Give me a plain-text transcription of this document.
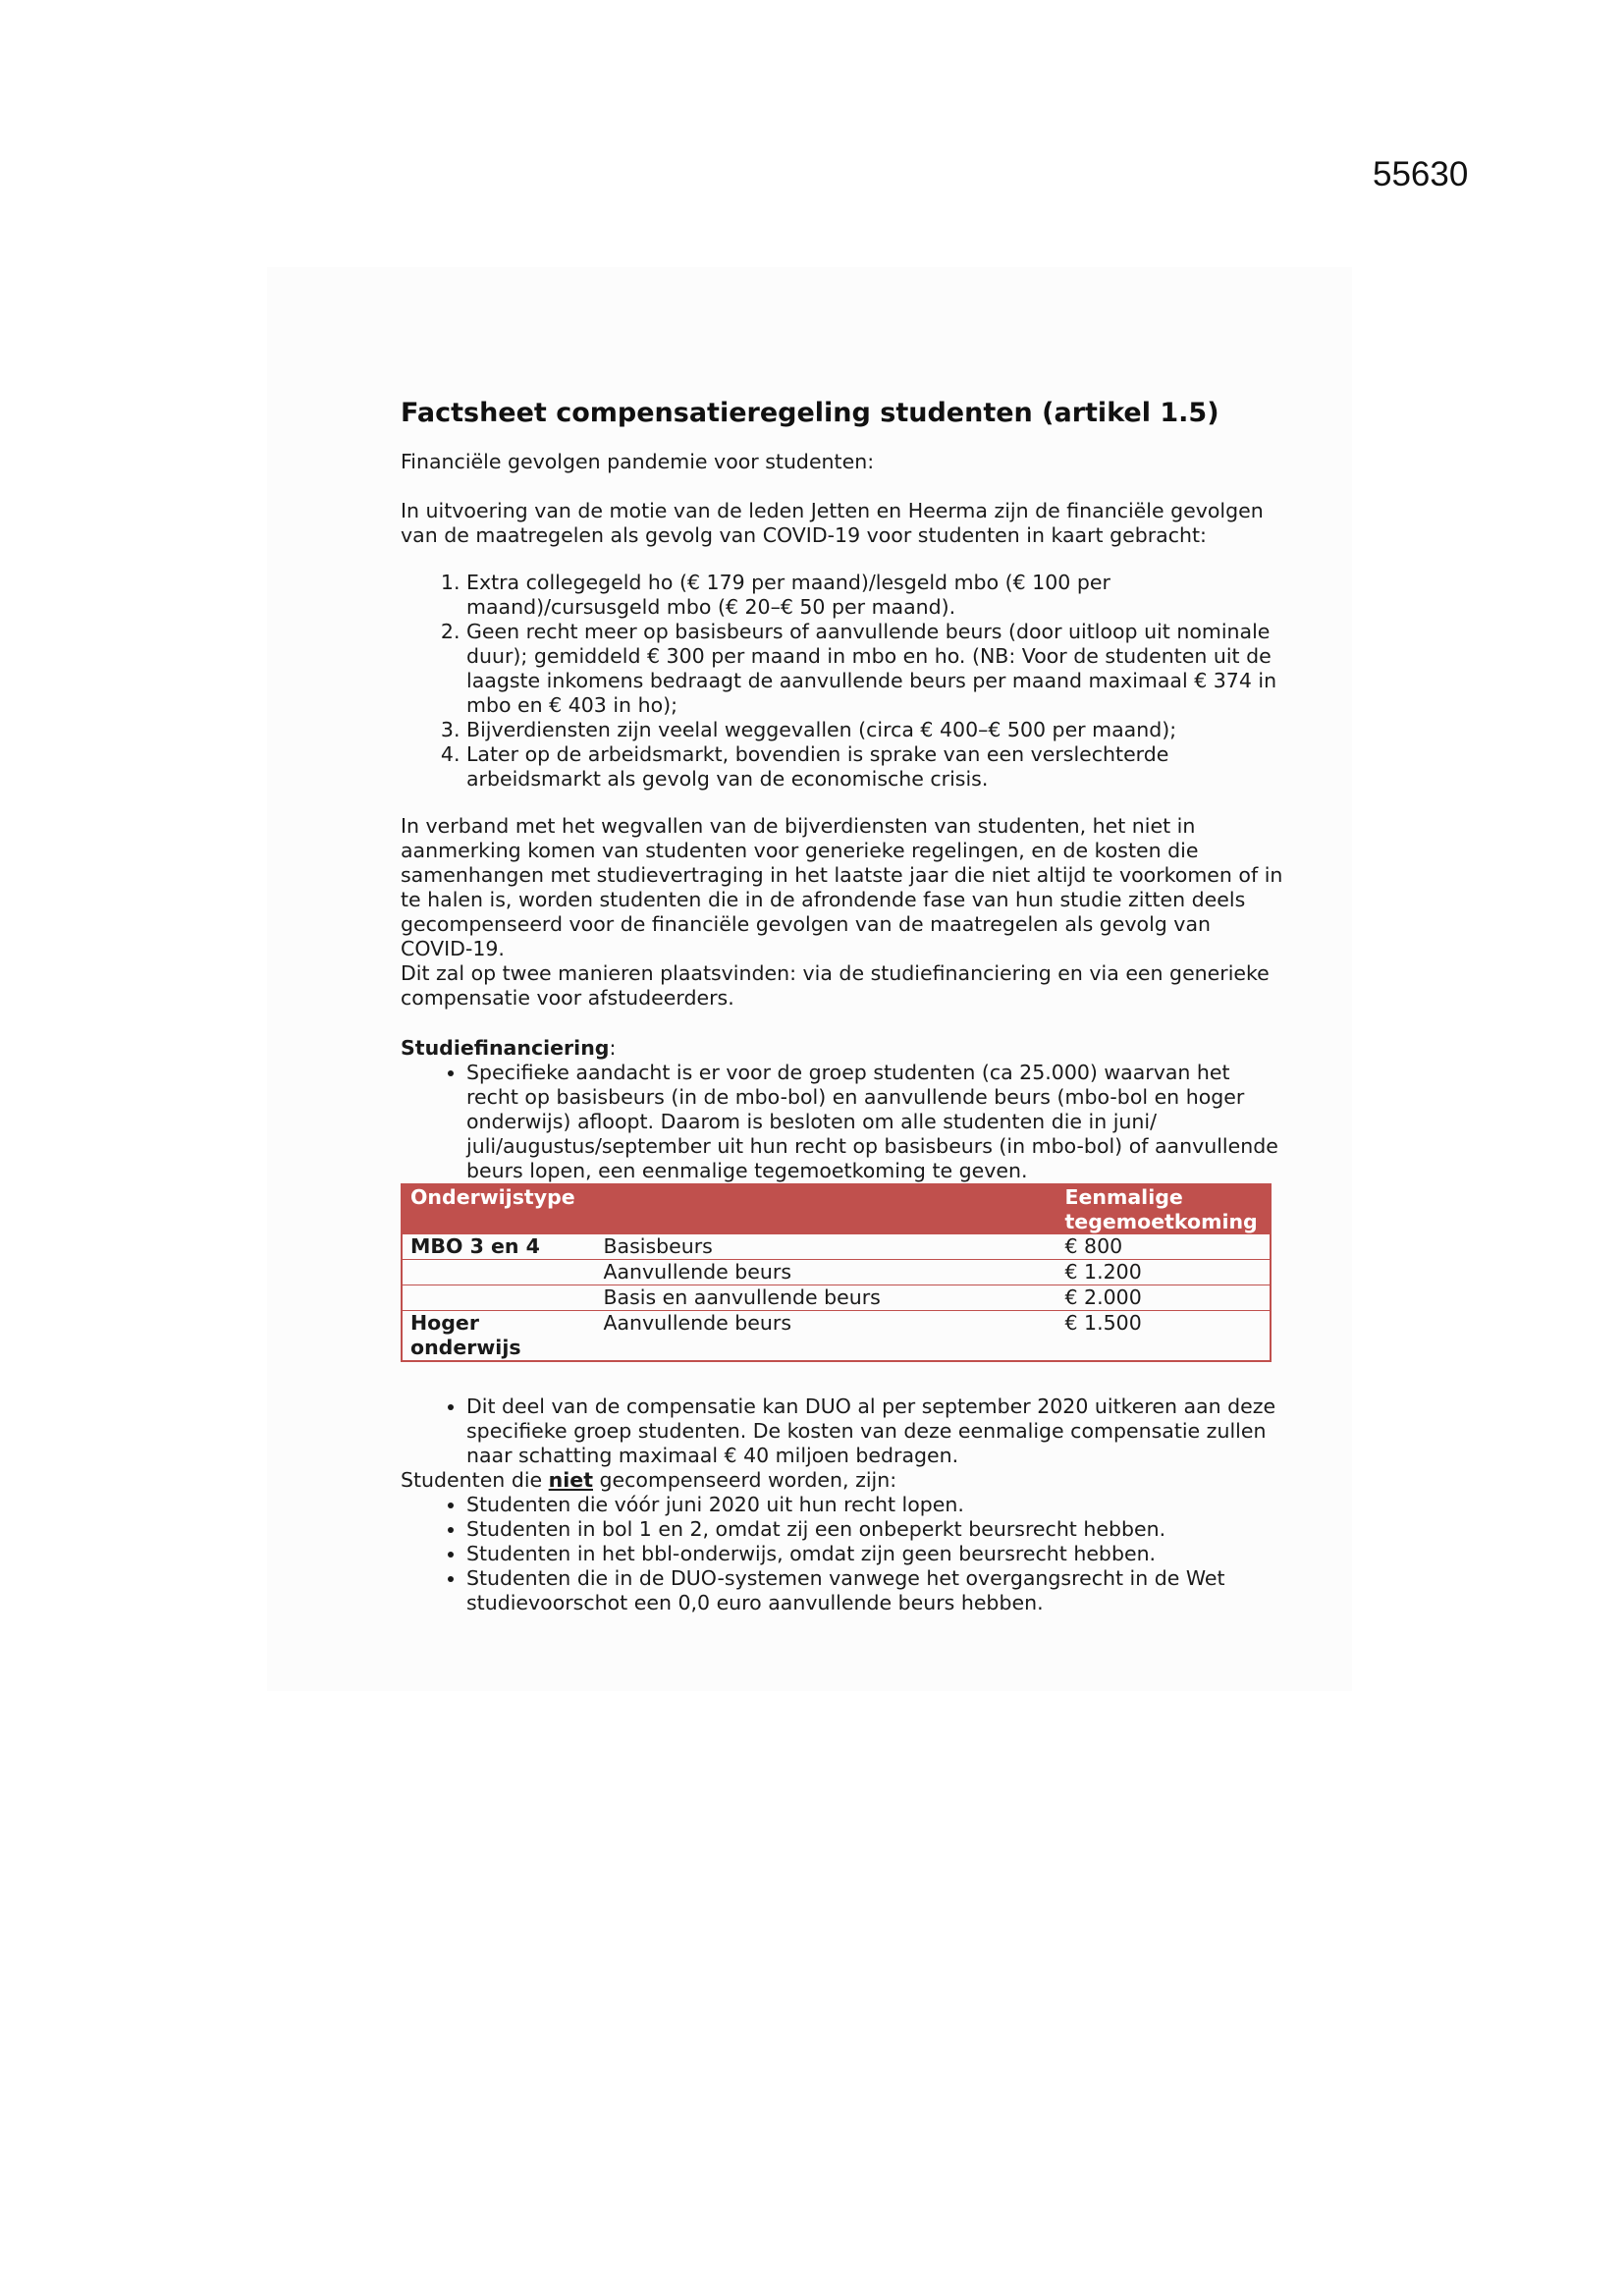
55630
Factsheet compensatieregeling studenten (artikel 1.5)

Financiële gevolgen pandemie voor studenten:

In uitvoering van de motie van de leden Jetten en Heerma zijn de financiële gevolgen van de maatregelen als gevolg van COVID-19 voor studenten in kaart gebracht:

1. Extra collegegeld ho (€ 179 per maand)/lesgeld mbo (€ 100 per maand)/cursusgeld mbo (€ 20–€ 50 per maand).
2. Geen recht meer op basisbeurs of aanvullende beurs (door uitloop uit nominale duur); gemiddeld € 300 per maand in mbo en ho. (NB: Voor de studenten uit de laagste inkomens bedraagt de aanvullende beurs per maand maximaal € 374 in mbo en € 403 in ho);
3. Bijverdiensten zijn veelal weggevallen (circa € 400–€ 500 per maand);
4. Later op de arbeidsmarkt, bovendien is sprake van een verslechterde arbeidsmarkt als gevolg van de economische crisis.

In verband met het wegvallen van de bijverdiensten van studenten, het niet in aanmerking komen van studenten voor generieke regelingen, en de kosten die samenhangen met studievertraging in het laatste jaar die niet altijd te voorkomen of in te halen is, worden studenten die in de afrondende fase van hun studie zitten deels gecompenseerd voor de financiële gevolgen van de maatregelen als gevolg van COVID-19.

Dit zal op twee manieren plaatsvinden: via de studiefinanciering en via een generieke compensatie voor afstudeerders.

Studiefinanciering:

• Specifieke aandacht is er voor de groep studenten (ca 25.000) waarvan het recht op basisbeurs (in de mbo-bol) en aanvullende beurs (mbo-bol en hoger onderwijs) afloopt. Daarom is besloten om alle studenten die in juni/ juli/augustus/september uit hun recht op basisbeurs (in mbo-bol) of aanvullende beurs lopen, een eenmalige tegemoetkoming te geven.
Onderwijstype		Eenmalige tegemoetkoming
MBO 3 en 4	Basisbeurs	€ 800
	Aanvullende beurs	€ 1.200
	Basis en aanvullende beurs	€ 2.000
Hoger onderwijs	Aanvullende beurs	€ 1.500
• Dit deel van de compensatie kan DUO al per september 2020 uitkeren aan deze specifieke groep studenten. De kosten van deze eenmalige compensatie zullen naar schatting maximaal € 40 miljoen bedragen.

Studenten die niet gecompenseerd worden, zijn:

• Studenten die vóór juni 2020 uit hun recht lopen.
• Studenten in bol 1 en 2, omdat zij een onbeperkt beursrecht hebben.
• Studenten in het bbl-onderwijs, omdat zijn geen beursrecht hebben.
• Studenten die in de DUO-systemen vanwege het overgangsrecht in de Wet studievoorschot een 0,0 euro aanvullende beurs hebben.
